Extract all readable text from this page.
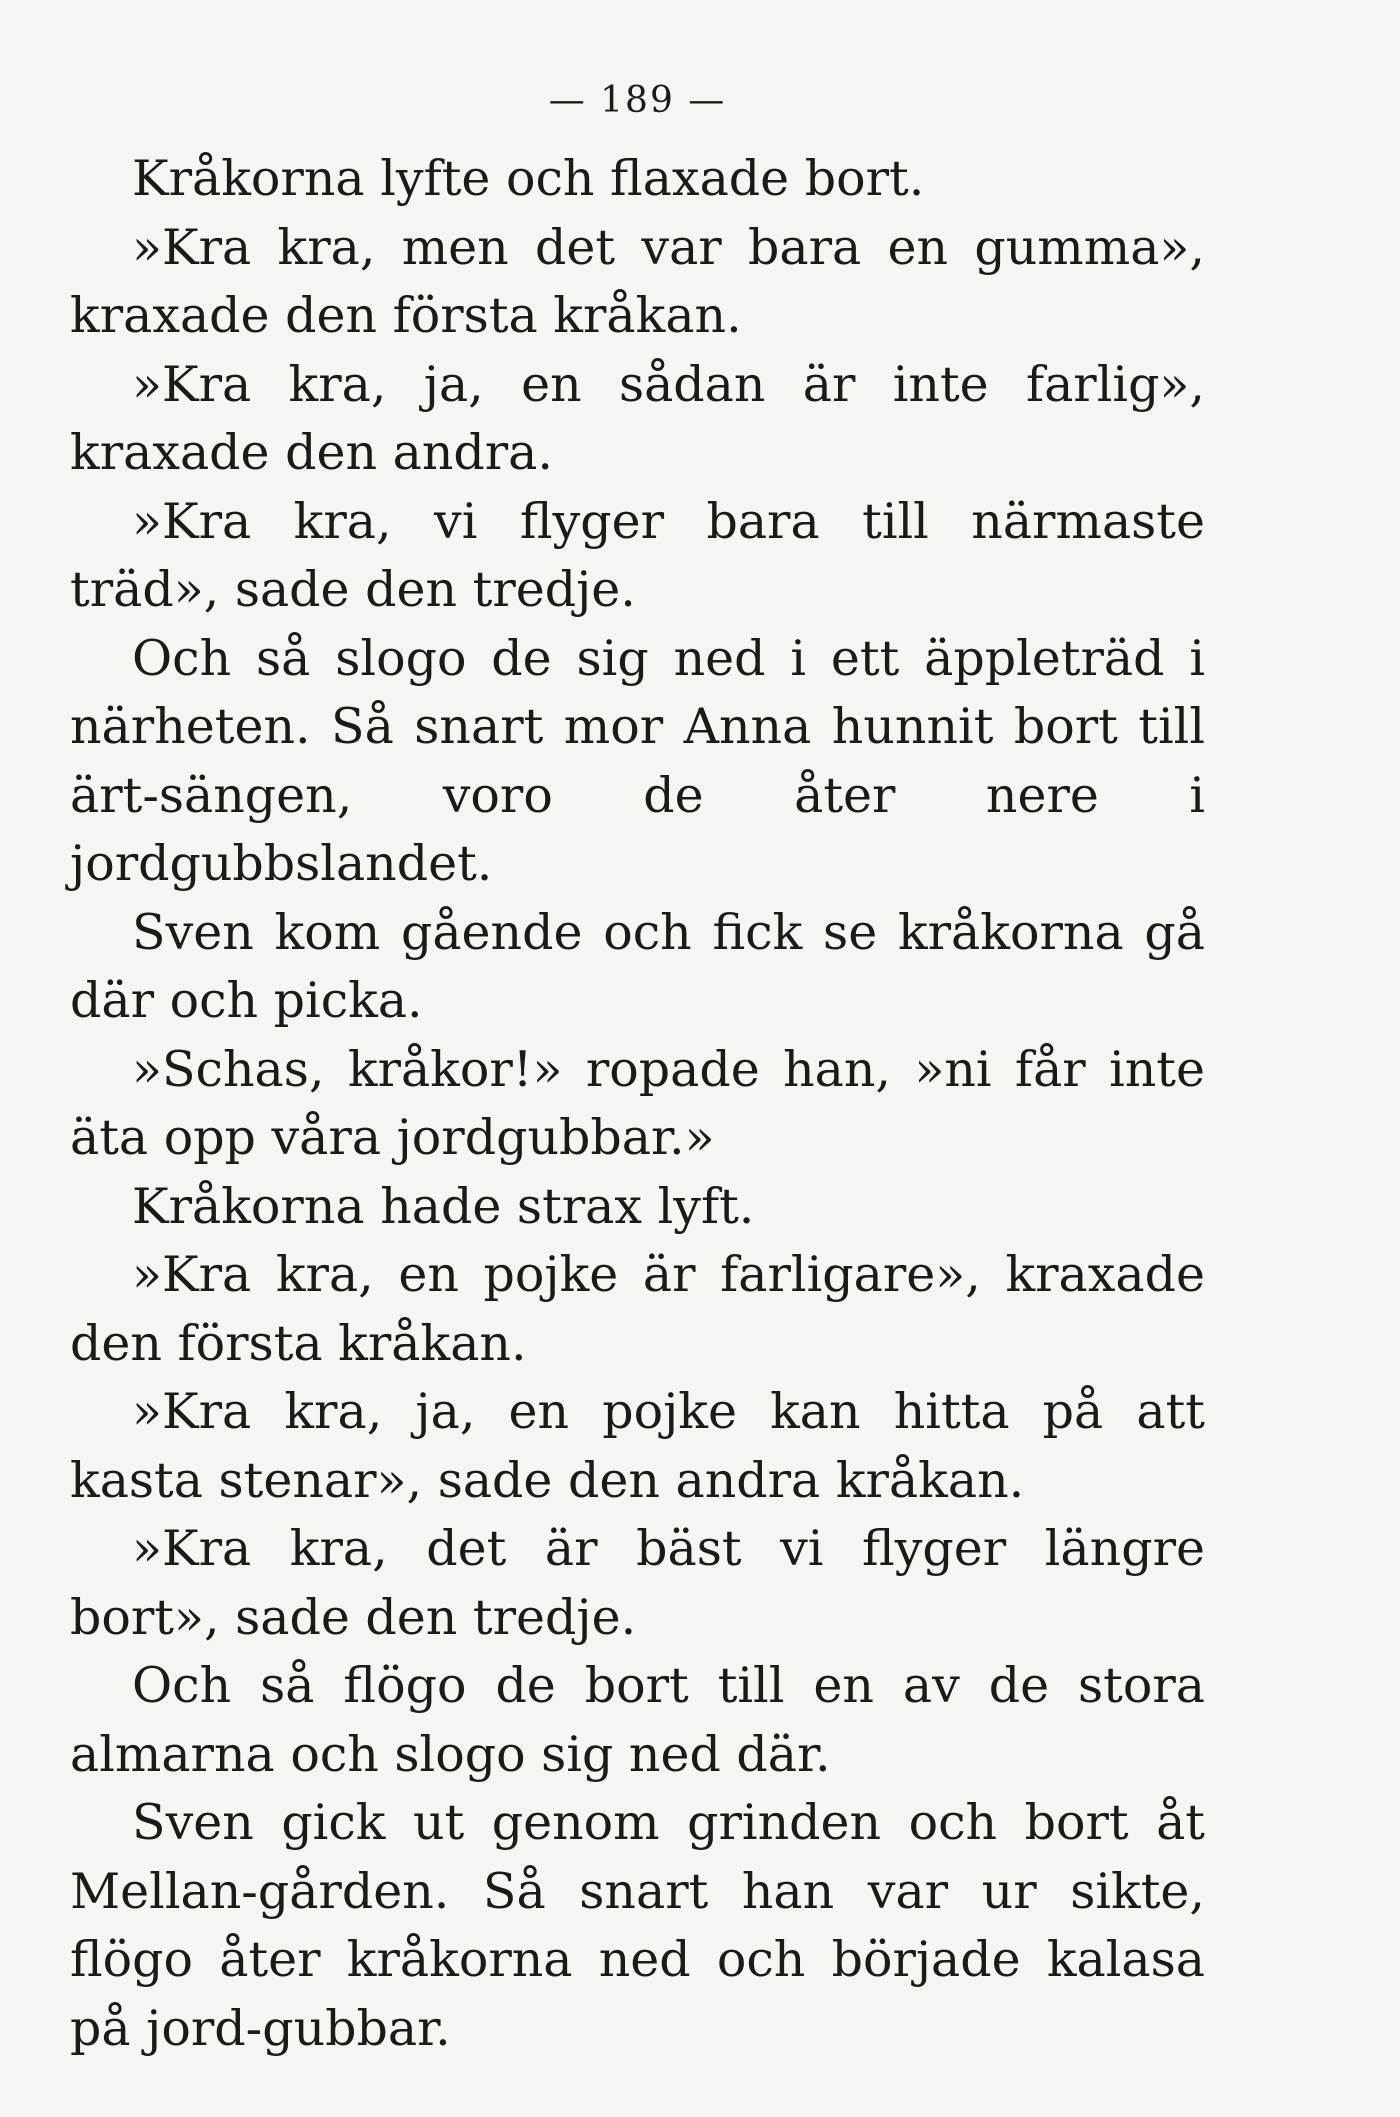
— 189 —

Kråkorna lyfte och flaxade bort.

»Kra kra, men det var bara en gumma», kraxade den första kråkan.

»Kra kra, ja, en sådan är inte farlig», kraxade den andra.

»Kra kra, vi flyger bara till närmaste träd», sade den tredje.

Och så slogo de sig ned i ett äppleträd i närheten. Så snart mor Anna hunnit bort till ärt-sängen, voro de åter nere i jordgubbslandet.

Sven kom gående och fick se kråkorna gå där och picka.

»Schas, kråkor!» ropade han, »ni får inte äta opp våra jordgubbar.»

Kråkorna hade strax lyft.

»Kra kra, en pojke är farligare», kraxade den första kråkan.

»Kra kra, ja, en pojke kan hitta på att kasta stenar», sade den andra kråkan.

»Kra kra, det är bäst vi flyger längre bort», sade den tredje.

Och så flögo de bort till en av de stora almarna och slogo sig ned där.

Sven gick ut genom grinden och bort åt Mellan-gården. Så snart han var ur sikte, flögo åter kråkorna ned och började kalasa på jord-gubbar.
